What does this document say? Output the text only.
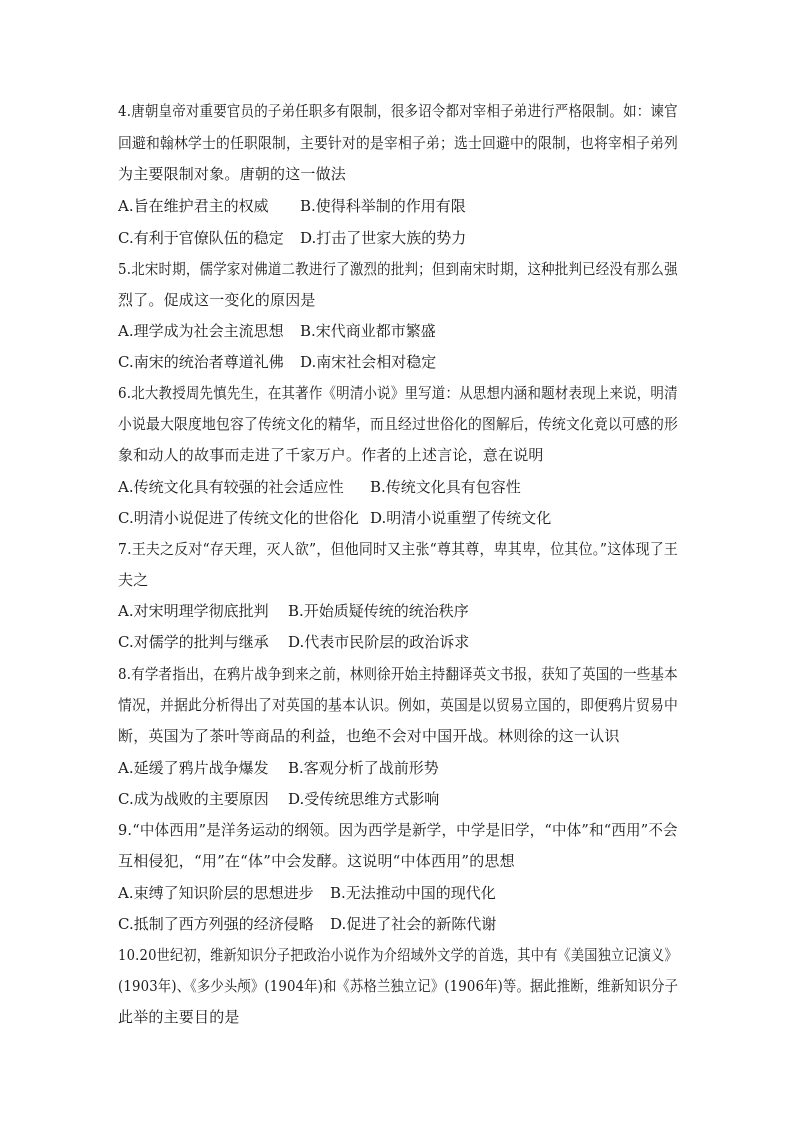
4.唐朝皇帝对重要官员的子弟任职多有限制，很多诏令都对宰相子弟进行严格限制。如：谏官
回避和翰林学士的任职限制，主要针对的是宰相子弟；选士回避中的限制，也将宰相子弟列
为主要限制对象。唐朝的这一做法
A.旨在维护君主的权威 B.使得科举制的作用有限
C.有利于官僚队伍的稳定 D.打击了世家大族的势力
5.北宋时期，儒学家对佛道二教进行了激烈的批判；但到南宋时期，这种批判已经没有那么强
烈了。促成这一变化的原因是
A.理学成为社会主流思想 B.宋代商业都市繁盛
C.南宋的统治者尊道礼佛 D.南宋社会相对稳定
6.北大教授周先慎先生，在其著作《明清小说》里写道：从思想内涵和题材表现上来说，明清
小说最大限度地包容了传统文化的精华，而且经过世俗化的图解后，传统文化竟以可感的形
象和动人的故事而走进了千家万户。作者的上述言论，意在说明
A.传统文化具有较强的社会适应性 B.传统文化具有包容性
C.明清小说促进了传统文化的世俗化 D.明清小说重塑了传统文化
7.王夫之反对“存天理，灭人欲”，但他同时又主张“尊其尊，卑其卑，位其位。”这体现了王
夫之
A.对宋明理学彻底批判 B.开始质疑传统的统治秩序
C.对儒学的批判与继承 D.代表市民阶层的政治诉求
8.有学者指出，在鸦片战争到来之前，林则徐开始主持翻译英文书报，获知了英国的一些基本
情况，并据此分析得出了对英国的基本认识。例如，英国是以贸易立国的，即便鸦片贸易中
断，英国为了茶叶等商品的利益，也绝不会对中国开战。林则徐的这一认识
A.延缓了鸦片战争爆发 B.客观分析了战前形势
C.成为战败的主要原因 D.受传统思维方式影响
9.“中体西用”是洋务运动的纲领。因为西学是新学，中学是旧学，“中体”和“西用”不会
互相侵犯，“用”在“体”中会发酵。这说明“中体西用”的思想
A.束缚了知识阶层的思想进步 B.无法推动中国的现代化
C.抵制了西方列强的经济侵略 D.促进了社会的新陈代谢
10.20世纪初，维新知识分子把政治小说作为介绍域外文学的首选，其中有《美国独立记演义》
(1903年)、《多少头颅》(1904年)和《苏格兰独立记》(1906年)等。据此推断，维新知识分子
此举的主要目的是
